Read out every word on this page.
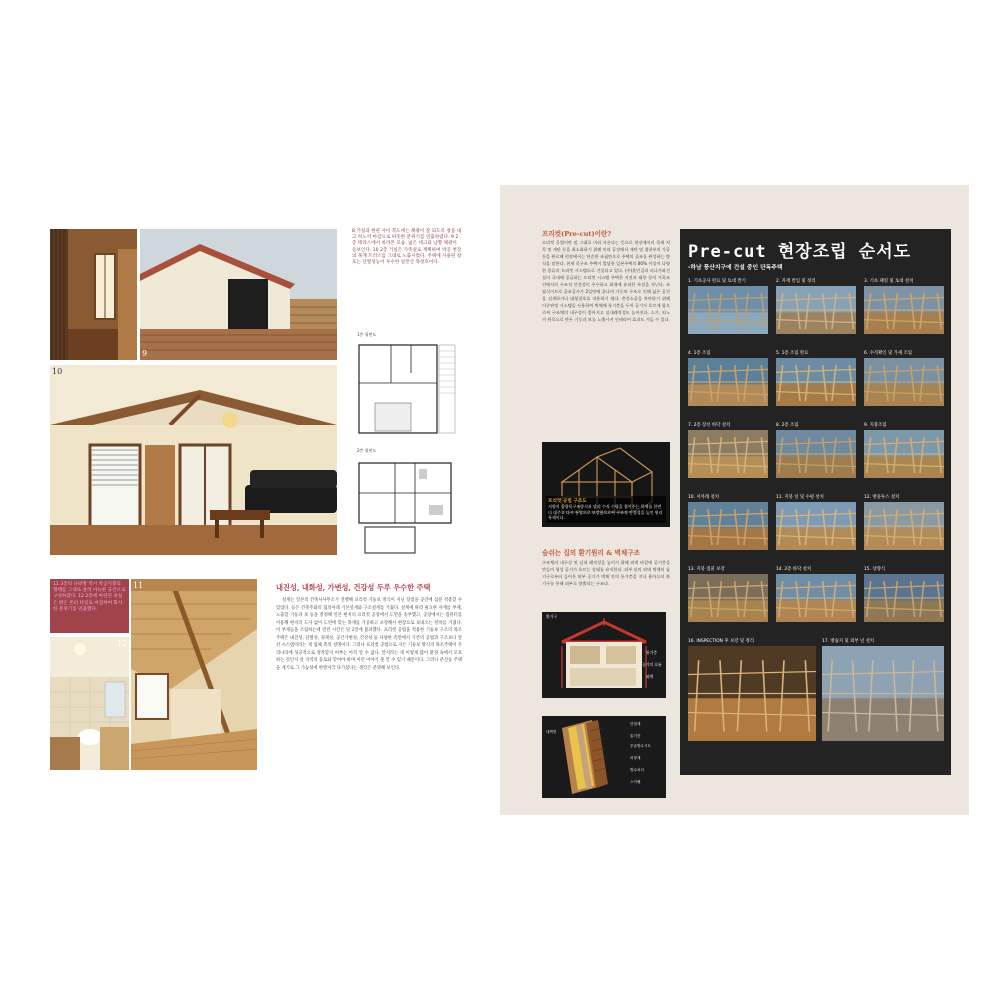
9
8 거실과 현관 사이 복도에는 채광이 잘 되도록 창을 내고 히노끼 마감으로 따뜻한 분위기를 연출하였다. 9 2층 테라스에서 바라본 모습. 넓은 데크와 남향 채광이 돋보인다. 10 2층 거실은 가족실로 계획하여 박공 천장의 목재 트러스를 그대로 노출시켰다. 주택에 사용된 창호는 단열성능이 우수한 일본산 목창호이다.
10
1층 평면도
2층 평면도
11 3층의 다락방 역시 박공지붕의 형태를 그대로 살려 아늑한 공간으로 구성하였다. 12 2층에 마련된 욕실은 밝은 톤의 타일로 마감하여 화사한 분위기를 연출했다.
12
11	내진성, 내화성, 가변성, 건강성 두루 우수한 주택
설계는 일본의 건축사사무소가 진행해 프리컷 기둥보 방식이 지닌 장점을 공간에 십분 적용할 수 있었다. 등은 건축주와의 협의아래 기본설계와 구조설계를 거쳤다. 설계에 따라 필요한 자재를 부재, 노출할 기둥과 보 등을 결정해 일본 현지의 프리컷 공장에서 도면을 송부했고, 공장에서는 컴퓨터를 이용해 현지의 도자 없이 도면에 맞는 목재를 가공하고 포장해서 현장으로 보내오는 절차를 거쳤다. 이 부재들을 조립하는데 걸린 시간은 단 2일에 불과했다. 프리컷 공법을 적용한 기둥보 구조의 목조주택은 내진성, 단열성, 경제성, 공간가변성, 건강성 등 다양한 측면에서 기존의 공법과 구조보다 앞선 시스템이라는 게 업체 측의 설명이다. 그러나 프리컷 공법으로 지은 기둥보 방식의 목조주택이 우리나라에 성공적으로 정착할지 여부는 아직 알 수 없다. 앞서라는 게 이렇게 많이 환경 속에서 모호하는 것인지 살 지역의 풍토와 맞아야 하며 이런 이야기 못 알 수 있기 때문이다. 그러나 분산동 주택을 계기로 그 가능성에 한발자국 다가섰다는 생각은 분명해 보인다.
프리컷(Pre-cut)이란?
프리컷 공법이란 말 그대로 미리 자른다는 뜻으로 현장에서의 목재 치목 및 재단 등을 최소화하기 위해 미리 공장에서 재단 및 접착부의 가공 등을 완료해 현장에서는 단순한 조립만으로 주택의 골조를 완성하는 방식을 말한다. 현재 목구조 주택이 발달한 일본주택의 80% 이상이 다양한 종류의 프리컷 시스템으로 건설되고 있다. (주)훈민걸과 티나가와건설의 국내에 공급하는 프리컷 시스템 주택은 지진과 태풍 등의 가혹조건에서의 구조적 안전성이 우수하고 화재에 유리한 특징을 지닌다. 조립식이므로 골조공사가 2일만에 끝나며 기둥보 구조로 인해 넓은 공간을 설계하거나 대형창호를 적용하기 쉽다. 층간소음을 차단하기 위해 이중판정 시스템을 사용하여 벽체에 통기층을 두어 공기가 흐르게 함으로써 구조체의 내구성이 좋아지고 실내쾌적성도 높아진다. 스기, 히노끼 원목으로 만든 기둥과 보를 노출시켜 인테리어 효과도 거둘 수 있다.
프리컷 공법 구조도
서양의 경량목구조방식과 달리 수직 수평을 접이주는 목재를 한번 더 대주고 다시 통업으로 보강함으로써 구조적 안정성을 높인 원리 특색이다.
숨쉬는 집의 환기원리 & 벽체구조
구조체의 내구성 및 실내 쾌적성을 높이기 위해 외벽 바깥에 공기층을 만들어 형성 공기가 흐르는 상태를 유지한다. 외부 뒤의 외벽 벽체의 틈기구로부터 들어온 외부 공기가 벽체 안의 통기층을 지나 용마루의 환기구를 통해 외부로 방출되는 구조다.
환기구
통기층
공기의 흐름
외벽
내벽면
단열재
통기층
투습방수시트
외장재
방수처리
스카펠
Pre-cut 현장조립 순서도
-하남 풍산지구에 건설 중인 단독주택
1. 기초공사 완료 및 토대 깔기	2. 자재 반입 및 정리	3. 기초 패킹 및 토대 설치
4. 1층 조립	5. 1층 조립 완료	6. 수직확인 및 가새 조립
7. 2층 장선 바닥 설치	8. 2층 조립	9. 지붕조립
10. 서까래 설치	11. 지붕 널 및 수평 설치	12. 방풍투스 설치
13. 지붕 접물 보강	14. 2층 바닥 설치	15. 상량식
16. INSPECTION 후 보강 및 정리	17. 방습지 및 외부 널 설치
